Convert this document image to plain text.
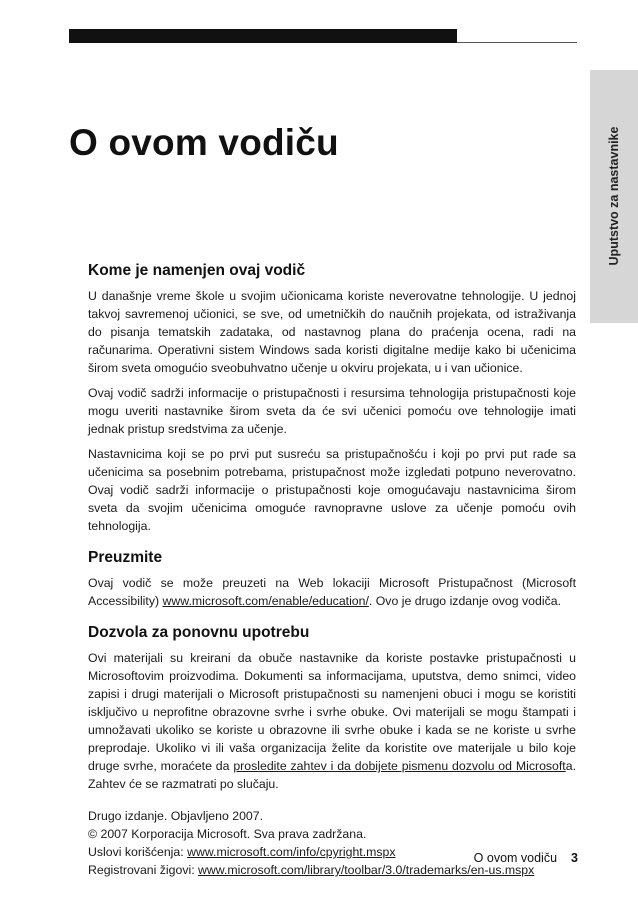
Uputstvo za nastavnike
O ovom vodiču
Kome je namenjen ovaj vodič

U današnje vreme škole u svojim učionicama koriste neverovatne tehnologije. U jednoj takvoj savremenoj učionici, se sve, od umetničkih do naučnih projekata, od istraživanja do pisanja tematskih zadataka, od nastavnog plana do praćenja ocena, radi na računarima. Operativni sistem Windows sada koristi digitalne medije kako bi učenicima širom sveta omogućio sveobuhvatno učenje u okviru projekata, u i van učionice.

Ovaj vodič sadrži informacije o pristupačnosti i resursima tehnologija pristupačnosti koje mogu uveriti nastavnike širom sveta da će svi učenici pomoću ove tehnologije imati jednak pristup sredstvima za učenje.

Nastavnicima koji se po prvi put susreću sa pristupačnošću i koji po prvi put rade sa učenicima sa posebnim potrebama, pristupačnost može izgledati potpuno neverovatno. Ovaj vodič sadrži informacije o pristupačnosti koje omogućavaju nastavnicima širom sveta da svojim učenicima omoguće ravnopravne uslove za učenje pomoću ovih tehnologija.

Preuzmite

Ovaj vodič se može preuzeti na Web lokaciji Microsoft Pristupačnost (Microsoft Accessibility) www.microsoft.com/enable/education/. Ovo je drugo izdanje ovog vodiča.

Dozvola za ponovnu upotrebu

Ovi materijali su kreirani da obuče nastavnike da koriste postavke pristupačnosti u Microsoftovim proizvodima. Dokumenti sa informacijama, uputstva, demo snimci, video zapisi i drugi materijali o Microsoft pristupačnosti su namenjeni obuci i mogu se koristiti isključivo u neprofitne obrazovne svrhe i svrhe obuke. Ovi materijali se mogu štampati i umnožavati ukoliko se koriste u obrazovne ili svrhe obuke i kada se ne koriste u svrhe preprodaje. Ukoliko vi ili vaša organizacija želite da koristite ove materijale u bilo koje druge svrhe, moraćete da prosledite zahtev i da dobijete pismenu dozvolu od Microsofta. Zahtev će se razmatrati po slučaju.

Drugo izdanje. Objavljeno 2007.

© 2007 Korporacija Microsoft. Sva prava zadržana.

Uslovi korišćenja: www.microsoft.com/info/cpyright.mspx

Registrovani žigovi: www.microsoft.com/library/toolbar/3.0/trademarks/en-us.mspx

O ovom vodiču 3
